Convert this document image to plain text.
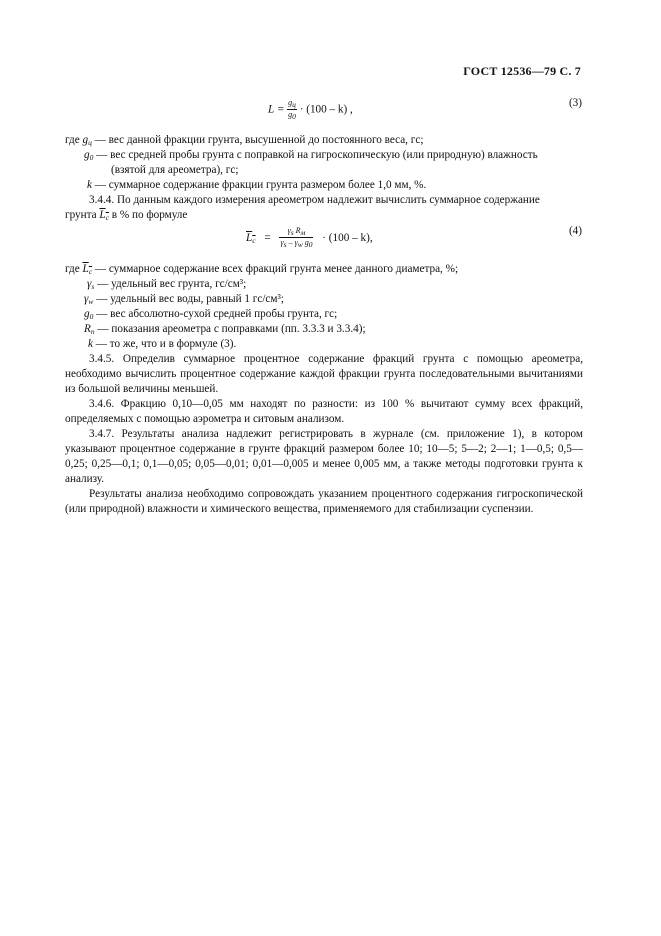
ГОСТ 12536—79 С. 7
$L = \frac{gц}{g0} \cdot (100 - k)$ ,
(3)
где $g_ц$ — вес данной фракции грунта, высушенной до постоянного веса, гс;
$g_0$ — вес средней пробы грунта с поправкой на гигроскопическую (или природную) влажность
(взятой для ареометра), гс;
k — суммарное содержание фракции грунта размером более 1,0 мм, %.
3.4.4. По данным каждого измерения ареометром надлежит вычислить суммарное содержание
грунта $L_с$ в % по формуле
$L_с = \frac{\text{γs Rм}}{\text{γs – γw g0}} \cdot (100 - k)$,
(4)
где $L_с$ — суммарное содержание всех фракций грунта менее данного диаметра, %;
$\gamma_s$ — удельный вес грунта, гс/см³;
$\gamma_w$ — удельный вес воды, равный 1 гс/см³;
$g_0$ — вес абсолютно-сухой средней пробы грунта, гс;
$R_п$ — показания ареометра с поправками (пп. 3.3.3 и 3.3.4);
k — то же, что и в формуле (3).
3.4.5. Определив суммарное процентное содержание фракций грунта с помощью ареометра, необходимо вычислить процентное содержание каждой фракции грунта последовательными вычитаниями из большой величины меньшей.
3.4.6. Фракцию 0,10—0,05 мм находят по разности: из 100 % вычитают сумму всех фракций, определяемых с помощью аэрометра и ситовым анализом.
3.4.7. Результаты анализа надлежит регистрировать в журнале (см. приложение 1), в котором указывают процентное содержание в грунте фракций размером более 10; 10—5; 5—2; 2—1; 1—0,5; 0,5—0,25; 0,25—0,1; 0,1—0,05; 0,05—0,01; 0,01—0,005 и менее 0,005 мм, а также методы подготовки грунта к анализу.
Результаты анализа необходимо сопровождать указанием процентного содержания гигроскопической (или природной) влажности и химического вещества, применяемого для стабилизации суспензии.
